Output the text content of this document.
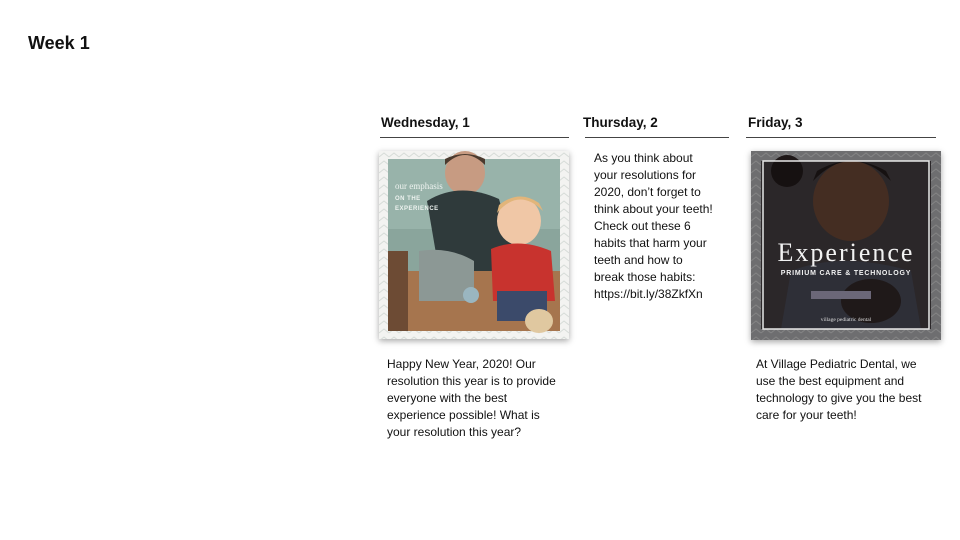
Week 1
Wednesday, 1
our emphasis
ON THE
EXPERIENCE
Happy New Year, 2020! Our
resolution this year is to provide
everyone with the best
experience possible! What is
your resolution this year?
Thursday, 2
As you think about
your resolutions for
2020, don’t forget to
think about your teeth!
Check out these 6
habits that harm your
teeth and how to
break those habits:
https://bit.ly/38ZkfXn
Friday, 3
Experience
PRIMIUM CARE & TECHNOLOGY
village pediatric dental
At Village Pediatric Dental, we
use the best equipment and
technology to give you the best
care for your teeth!
